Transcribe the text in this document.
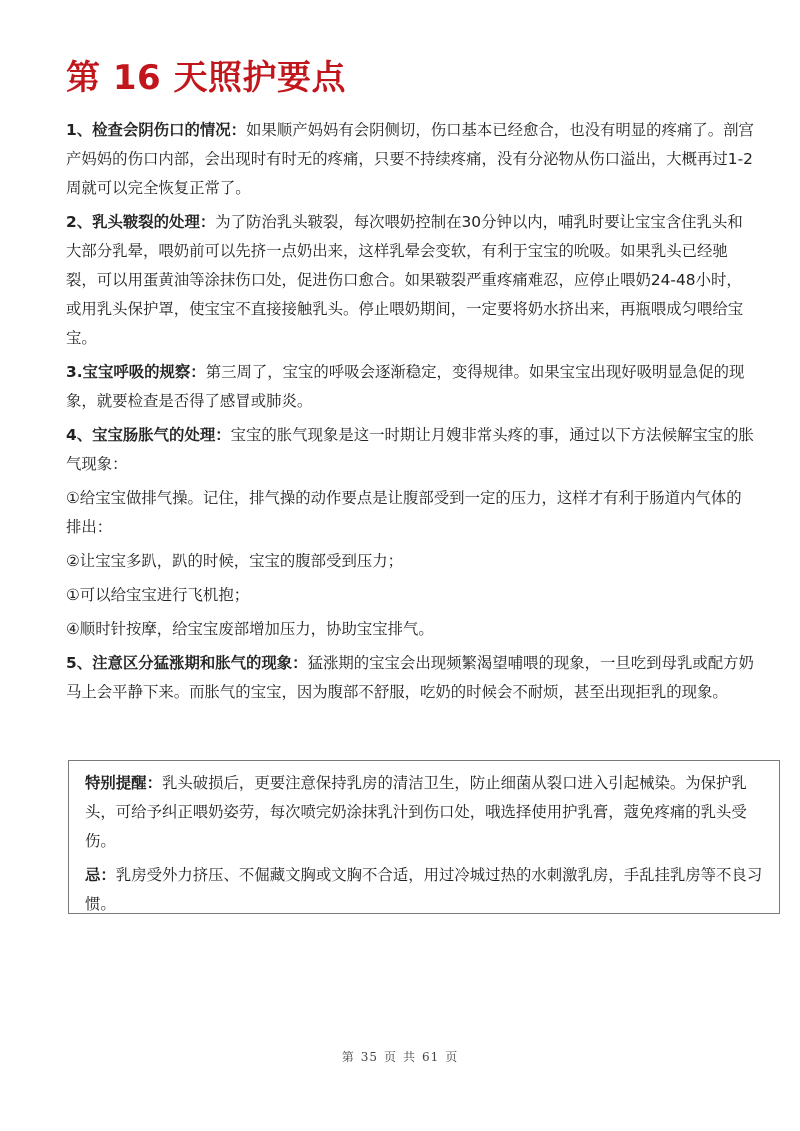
第 16 天照护要点

1、检查会阴伤口的情况：如果顺产妈妈有会阴侧切，伤口基本已经愈合，也没有明显的疼痛了。剖宫产妈妈的伤口内部，会出现时有时无的疼痛，只要不持续疼痛，没有分泌物从伤口溢出，大概再过1-2周就可以完全恢复正常了。

2、乳头皲裂的处理：为了防治乳头皲裂，每次喂奶控制在30分钟以内，哺乳时要让宝宝含住乳头和大部分乳晕，喂奶前可以先挤一点奶出来，这样乳晕会变软，有利于宝宝的吮吸。如果乳头已经驰裂，可以用蛋黄油等涂抹伤口处，促进伤口愈合。如果皲裂严重疼痛难忍，应停止喂奶24-48小时，或用乳头保护罩，使宝宝不直接接触乳头。停止喂奶期间，一定要将奶水挤出来，再瓶喂成匀喂给宝宝。

3.宝宝呼吸的规察：第三周了，宝宝的呼吸会逐渐稳定，变得规律。如果宝宝出现好吸明显急促的现象，就要检查是否得了感冒或肺炎。

4、宝宝肠胀气的处理：宝宝的胀气现象是这一时期让月嫂非常头疼的事，通过以下方法候解宝宝的胀气现象：

①给宝宝做排气操。记住，排气操的动作要点是让腹部受到一定的压力，这样才有利于肠道内气体的排出：

②让宝宝多趴，趴的时候，宝宝的腹部受到压力；

①可以给宝宝进行飞机抱；

④顺时针按摩，给宝宝废部增加压力，协助宝宝排气。

5、注意区分猛涨期和胀气的现象：猛涨期的宝宝会出现频繁渴望哺喂的现象，一旦吃到母乳或配方奶马上会平静下来。而胀气的宝宝，因为腹部不舒服，吃奶的时候会不耐烦，甚至出现拒乳的现象。

特别提醒：乳头破损后，更要注意保持乳房的清洁卫生，防止细菌从裂口进入引起械染。为保护乳头，可给予纠正喂奶姿劳，每次喷完奶涂抹乳汁到伤口处，哦选择使用护乳膏，蔻免疼痛的乳头受伤。

忌：乳房受外力挤压、不倔藏文胸或文胸不合适，用过冷城过热的水刺激乳房，手乱挂乳房等不良习惯。

第 35 页 共 61 页
